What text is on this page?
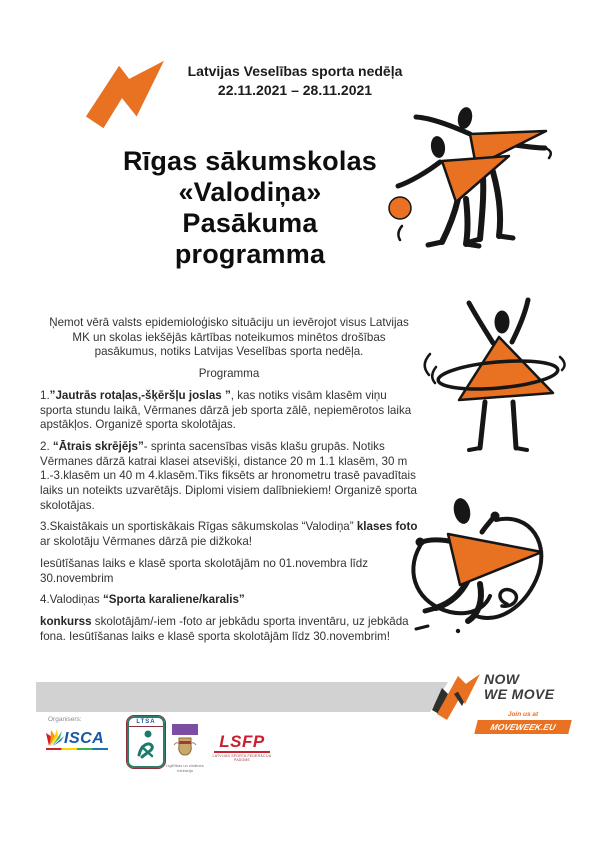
Latvijas Veselības sporta nedēļa
22.11.2021 – 28.11.2021
Rīgas sākumskolas
«Valodiņa»
Pasākuma
programma

Ņemot vērā valsts epidemioloģisko situāciju un ievērojot visus Latvijas MK un skolas iekšējās kārtības noteikumos minētos drošības pasākumus, notiks Latvijas Veselības sporta nedēļa.

Programma

1.”Jautrās rotaļas,-šķēršļu joslas ”, kas notiks visām klasēm viņu sporta stundu laikā, Vērmanes dārzā jeb sporta zālē, nepiemērotos laika apstākļos. Organizē sporta skolotājas.

2. “Ātrais skrējējs”- sprinta sacensības visās klašu grupās. Notiks Vērmanes dārzā katrai klasei atsevišķi, distance 20 m 1.1 klasēm, 30 m 1.-3.klasēm un 40 m 4.klasēm.Tiks fiksēts ar hronometru trasē pavadītais laiks un noteikts uzvarētājs. Diplomi visiem dalībniekiem! Organizē sporta skolotājas.

3.Skaistākais un sportiskākais Rīgas sākumskolas “Valodiņa” klases foto ar skolotāju Vērmanes dārzā pie dižkoka!

Iesūtīšanas laiks e klasē sporta skolotājām no 01.novembra līdz 30.novembrim

4.Valodiņas “Sporta karaliene/karalis”

konkurss skolotājām/-iem -foto ar jebkādu sporta inventāru, uz jebkāda fona. Iesūtīšanas laiks e klasē sporta skolotājām līdz 30.novembrim!

NOW
WE MOVE
Join us at
MOVEWEEK.EU
Organisers:
ISCA
LTSA
Izglītības un zinātnes
ministrija
LSFP
LATVIJAS SPORTA FEDERĀCIJU PADOME
